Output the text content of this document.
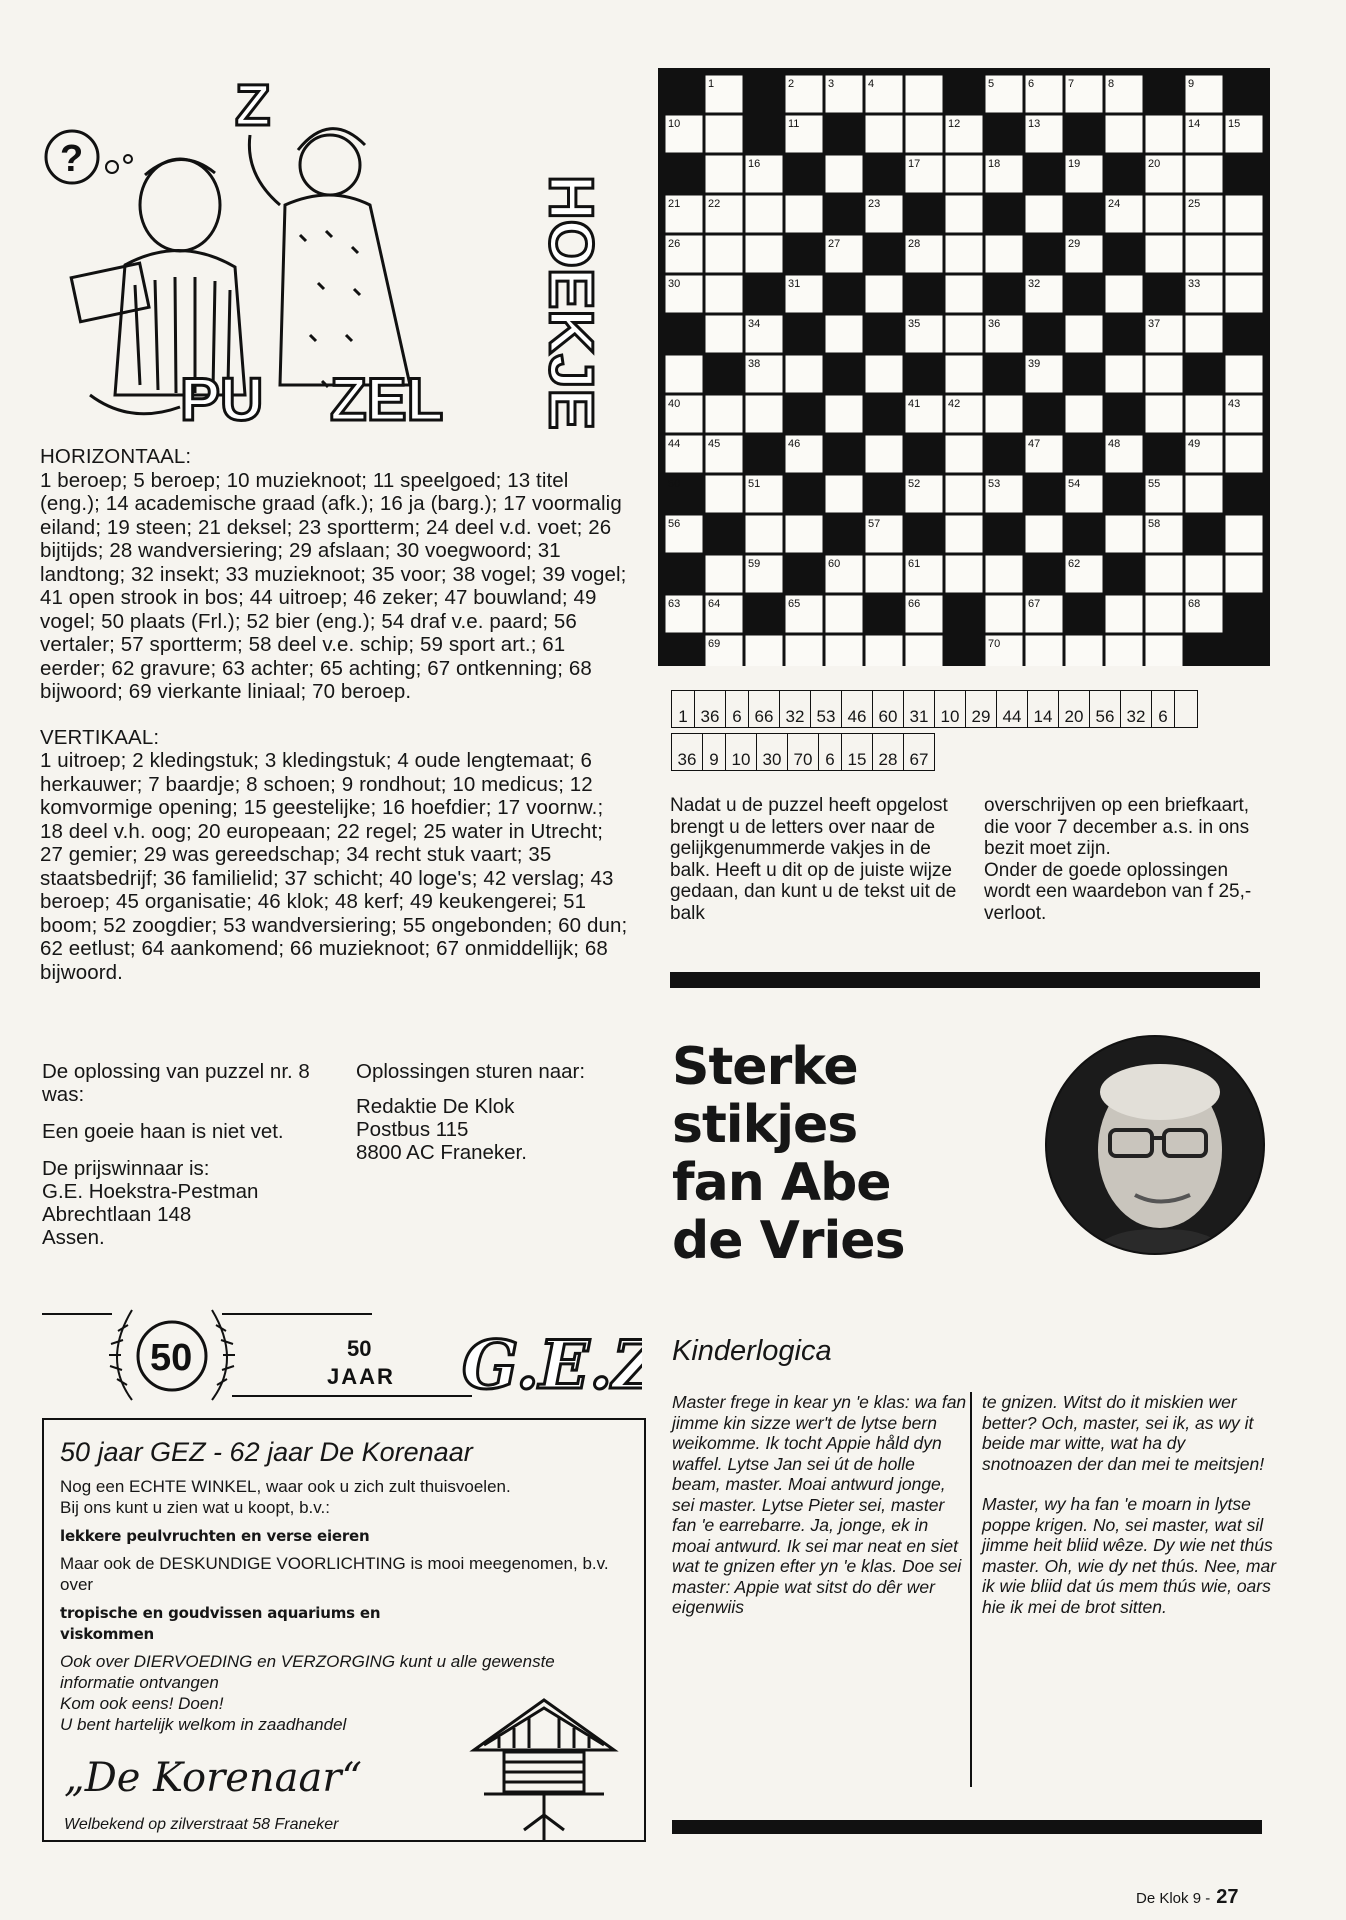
?
Z
PU ZEL HOEKJE
HORIZONTAAL:

1 beroep; 5 beroep; 10 muzieknoot; 11 speelgoed; 13 titel (eng.); 14 academische graad (afk.); 16 ja (barg.); 17 voormalig eiland; 19 steen; 21 deksel; 23 sportterm; 24 deel v.d. voet; 26 bijtijds; 28 wandversiering; 29 afslaan; 30 voegwoord; 31 landtong; 32 insekt; 33 muzieknoot; 35 voor; 38 vogel; 39 vogel; 41 open strook in bos; 44 uitroep; 46 zeker; 47 bouwland; 49 vogel; 50 plaats (Frl.); 52 bier (eng.); 54 draf v.e. paard; 56 vertaler; 57 sportterm; 58 deel v.e. schip; 59 sport art.; 61 eerder; 62 gravure; 63 achter; 65 achting; 67 ontkenning; 68 bijwoord; 69 vierkante liniaal; 70 beroep.

VERTIKAAL:

1 uitroep; 2 kledingstuk; 3 kledingstuk; 4 oude lengtemaat; 6 herkauwer; 7 baardje; 8 schoen; 9 rondhout; 10 medicus; 12 komvormige opening; 15 geestelijke; 16 hoefdier; 17 voornw.; 18 deel v.h. oog; 20 europeaan; 22 regel; 25 water in Utrecht; 27 gemier; 29 was gereedschap; 34 recht stuk vaart; 35 staatsbedrijf; 36 familielid; 37 schicht; 40 loge's; 42 verslag; 43 beroep; 45 organisatie; 46 klok; 48 kerf; 49 keukengerei; 51 boom; 52 zoogdier; 53 wandversiering; 55 ongebonden; 60 dun; 62 eetlust; 64 aankomend; 66 muzieknoot; 67 onmiddellijk; 68 bijwoord.

De oplossing van puzzel nr. 8 was:

Een goeie haan is niet vet.

De prijswinnaar is:
G.E. Hoekstra-Pestman
Abrechtlaan 148
Assen.

Oplossingen sturen naar:

Redaktie De Klok
Postbus 115
8800 AC Franeker.
50	50
JAAR G.E.Z
50 jaar GEZ - 62 jaar De Korenaar
Nog een ECHTE WINKEL, waar ook u zich zult thuisvoelen.
Bij ons kunt u zien wat u koopt, b.v.:
lekkere peulvruchten en verse eieren
Maar ook de DESKUNDIGE VOORLICHTING is mooi meegenomen, b.v. over
tropische en goudvissen aquariums en viskommen
Ook over DIERVOEDING en VERZORGING kunt u alle gewenste informatie ontvangen
Kom ook eens! Doen!
U bent hartelijk welkom in zaadhandel
„De Korenaar“
Welbekend op zilverstraat 58 Franeker
1	2	3	4	5	6	7	8	9
10	11	12	13	14	15
16	17	18	19	20
21	22	23	24	25
26	27	28	29
30	31	32	33
34	35	36	37
38	39
40	41	42	43
44	45	46	47	48	49
50	51	52	53	54	55
56	57	58
59	60	61	62
63	64	65	66	67	68
69	70
1	36	6	66	32	53	46	60	31	10	29	44	14	20	56	32	6	
36	9	10	30	70	6	15	28	67
Nadat u de puzzel heeft opgelost brengt u de letters over naar de gelijkgenummerde vakjes in de balk. Heeft u dit op de juiste wijze gedaan, dan kunt u de tekst uit de balk
overschrijven op een briefkaart, die voor 7 december a.s. in ons bezit moet zijn.
Onder de goede oplossingen wordt een waardebon van f 25,- verloot.
Sterke
stikjes
fan Abe
de Vries
Kinderlogica
Master frege in kear yn 'e klas: wa fan jimme kin sizze wer't de lytse bern weikomme. Ik tocht Appie håld dyn waffel. Lytse Jan sei út de holle beam, master. Moai antwurd jonge, sei master. Lytse Pieter sei, master fan 'e earrebarre. Ja, jonge, ek in moai antwurd. Ik sei mar neat en siet wat te gnizen efter yn 'e klas. Doe sei master: Appie wat sitst do dêr wer eigenwiis

te gnizen. Witst do it miskien wer better? Och, master, sei ik, as wy it beide mar witte, wat ha dy snotnoazen der dan mei te meitsjen!

Master, wy ha fan 'e moarn in lytse poppe krigen. No, sei master, wat sil jimme heit bliid wêze. Dy wie net thús master. Oh, wie dy net thús. Nee, mar ik wie bliid dat ús mem thús wie, oars hie ik mei de brot sitten.

De Klok 9 - 27
